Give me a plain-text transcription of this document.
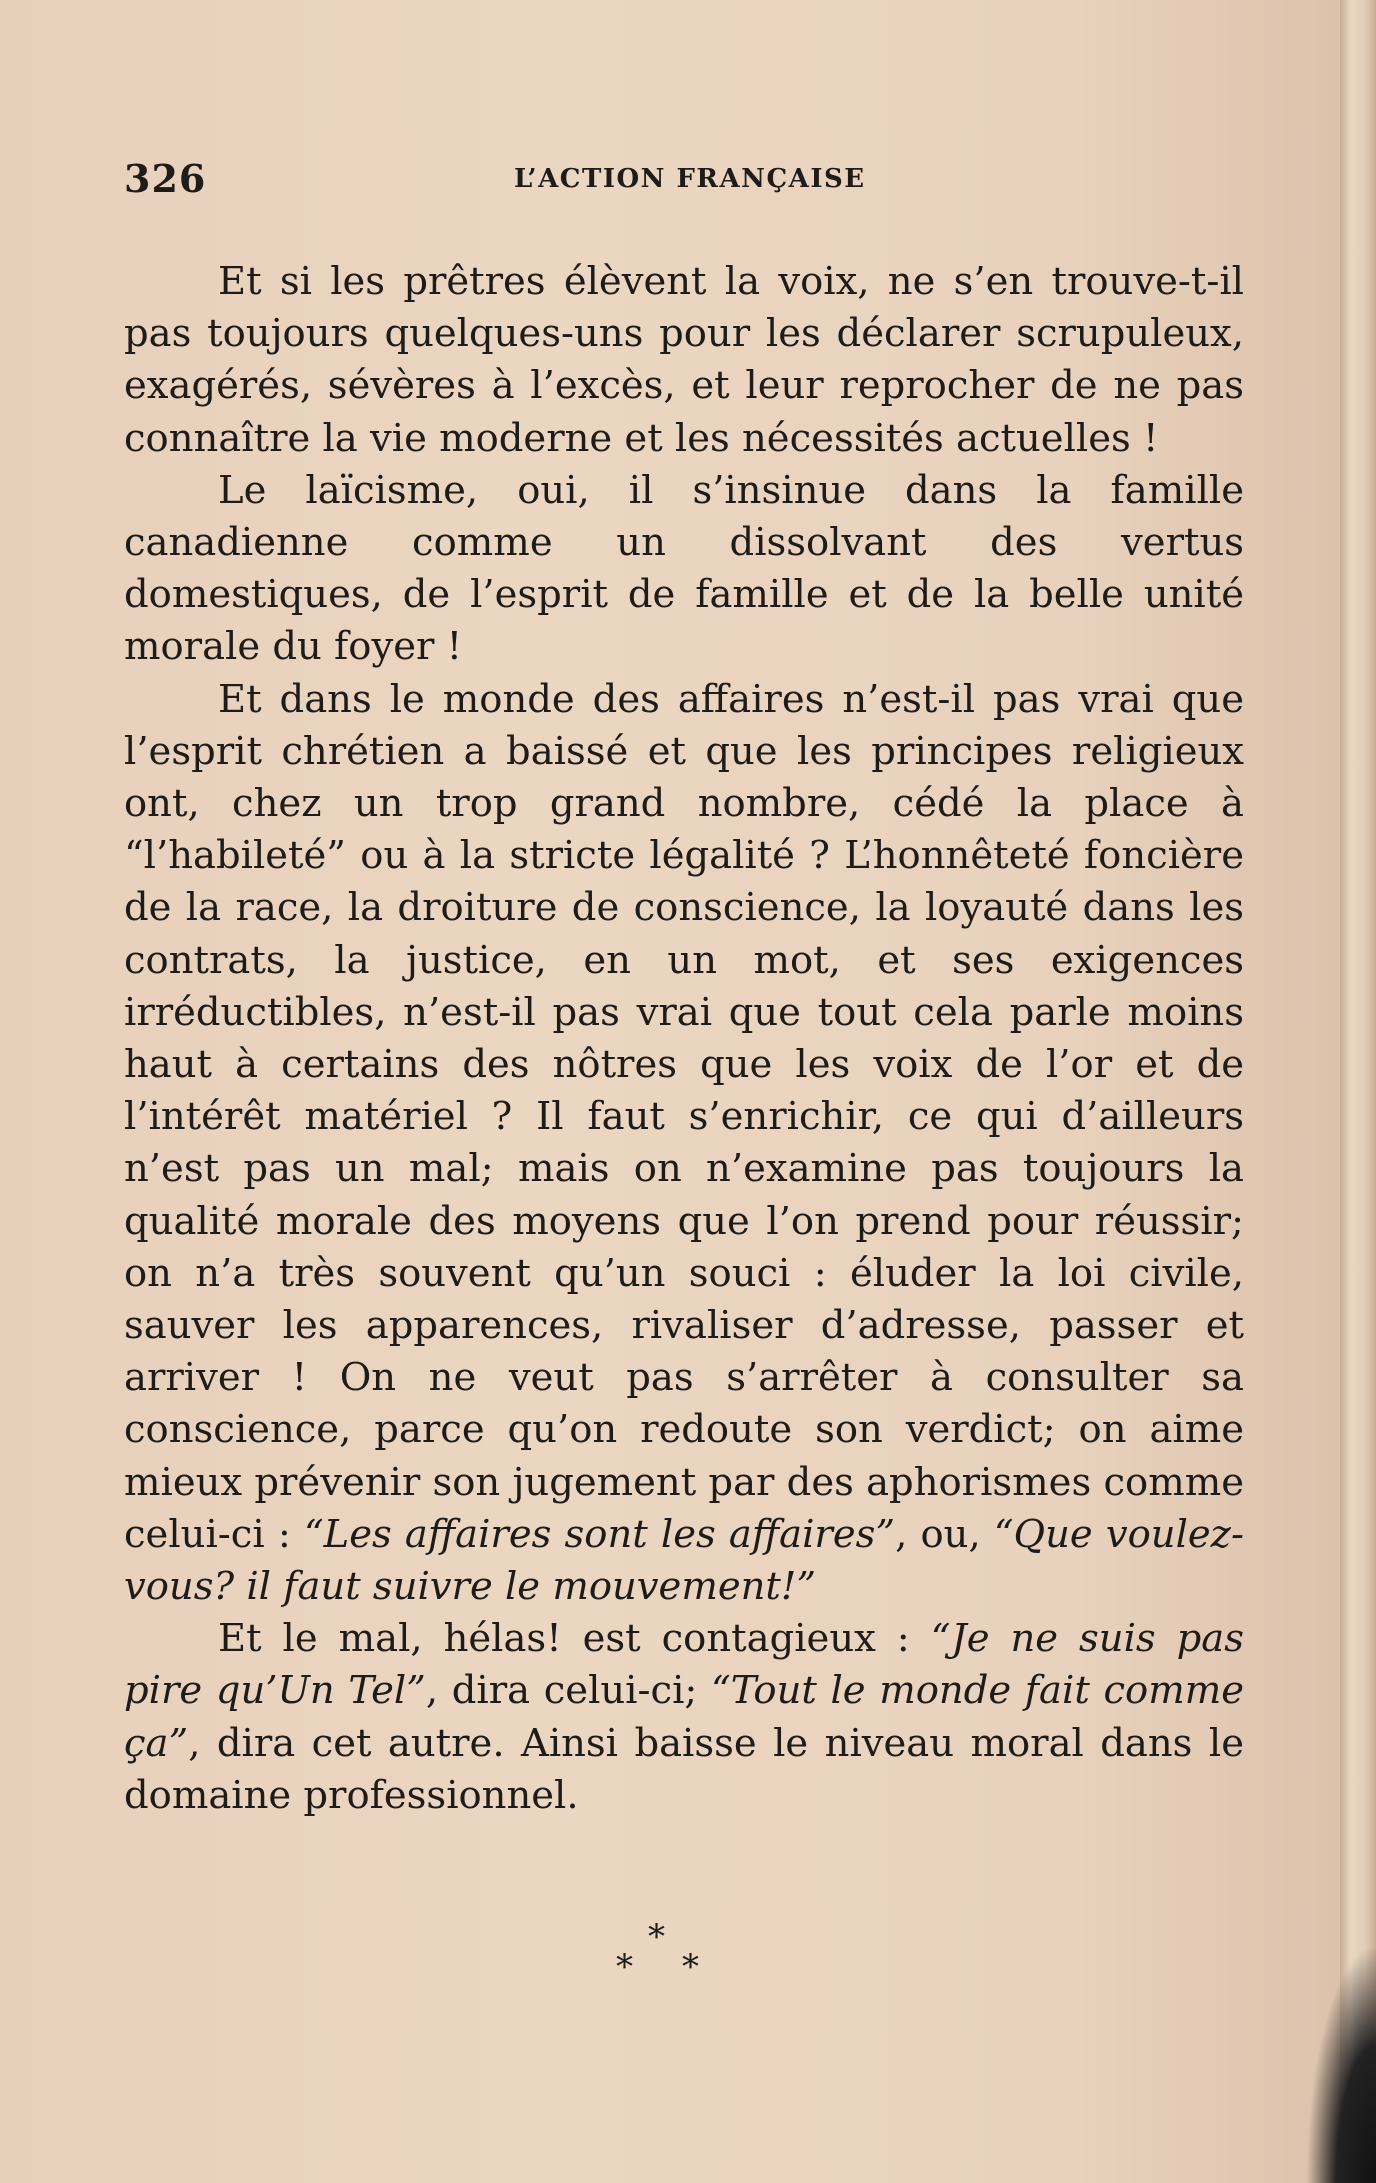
326	L’ACTION FRANÇAISE

Et si les prêtres élèvent la voix, ne s’en trouve-t-il pas toujours quelques-uns pour les déclarer scrupuleux, exagérés, sévères à l’excès, et leur reprocher de ne pas connaître la vie moderne et les nécessités actuelles !

Le laïcisme, oui, il s’insinue dans la famille canadienne comme un dissolvant des vertus domestiques, de l’esprit de famille et de la belle unité morale du foyer !

Et dans le monde des affaires n’est-il pas vrai que l’esprit chrétien a baissé et que les principes religieux ont, chez un trop grand nombre, cédé la place à “l’habileté” ou à la stricte légalité ? L’honnêteté foncière de la race, la droiture de conscience, la loyauté dans les contrats, la justice, en un mot, et ses exigences irréductibles, n’est-il pas vrai que tout cela parle moins haut à certains des nôtres que les voix de l’or et de l’intérêt matériel ? Il faut s’enrichir, ce qui d’ailleurs n’est pas un mal; mais on n’examine pas toujours la qualité morale des moyens que l’on prend pour réussir; on n’a très souvent qu’un souci : éluder la loi civile, sauver les apparences, rivaliser d’adresse, passer et arriver ! On ne veut pas s’arrêter à consulter sa conscience, parce qu’on redoute son verdict; on aime mieux prévenir son jugement par des aphorismes comme celui-ci : “Les affaires sont les affaires”, ou, “Que voulez-vous? il faut suivre le mouvement!”

Et le mal, hélas! est contagieux : “Je ne suis pas pire qu’Un Tel”, dira celui-ci; “Tout le monde fait comme ça”, dira cet autre. Ainsi baisse le niveau moral dans le domaine professionnel.

*
* *
